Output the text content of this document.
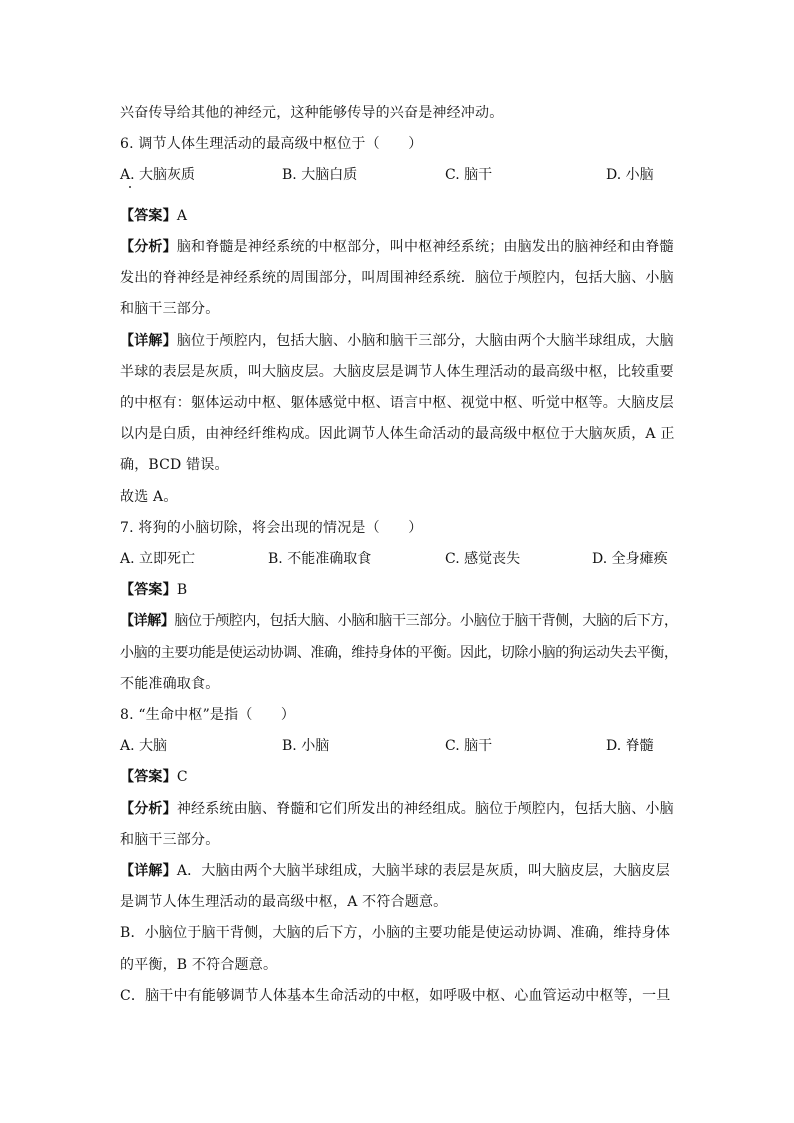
兴奋传导给其他的神经元，这种能够传导的兴奋是神经冲动。
6. 调节人体生理活动的最高级中枢位于（　　）
A. 大脑灰质	B. 大脑白质	C. 脑干	D. 小脑
【答案】A
【分析】脑和脊髓是神经系统的中枢部分，叫中枢神经系统；由脑发出的脑神经和由脊髓
发出的脊神经是神经系统的周围部分，叫周围神经系统．脑位于颅腔内，包括大脑、小脑
和脑干三部分。
【详解】脑位于颅腔内，包括大脑、小脑和脑干三部分，大脑由两个大脑半球组成，大脑
半球的表层是灰质，叫大脑皮层。大脑皮层是调节人体生理活动的最高级中枢，比较重要
的中枢有：躯体运动中枢、躯体感觉中枢、语言中枢、视觉中枢、听觉中枢等。大脑皮层
以内是白质，由神经纤维构成。因此调节人体生命活动的最高级中枢位于大脑灰质，A 正
确，BCD 错误。
故选 A。
7. 将狗的小脑切除，将会出现的情况是（　　）
A. 立即死亡	B. 不能准确取食	C. 感觉丧失	D. 全身瘫痪
【答案】B
【详解】脑位于颅腔内，包括大脑、小脑和脑干三部分。小脑位于脑干背侧，大脑的后下方，
小脑的主要功能是使运动协调、准确，维持身体的平衡。因此，切除小脑的狗运动失去平衡，
不能准确取食。
8. “生命中枢”是指（　　）
A. 大脑	B. 小脑	C. 脑干	D. 脊髓
【答案】C
【分析】神经系统由脑、脊髓和它们所发出的神经组成。脑位于颅腔内，包括大脑、小脑
和脑干三部分。
【详解】A．大脑由两个大脑半球组成，大脑半球的表层是灰质，叫大脑皮层，大脑皮层
是调节人体生理活动的最高级中枢，A 不符合题意。
B．小脑位于脑干背侧，大脑的后下方，小脑的主要功能是使运动协调、准确，维持身体
的平衡，B 不符合题意。
C．脑干中有能够调节人体基本生命活动的中枢，如呼吸中枢、心血管运动中枢等，一旦
